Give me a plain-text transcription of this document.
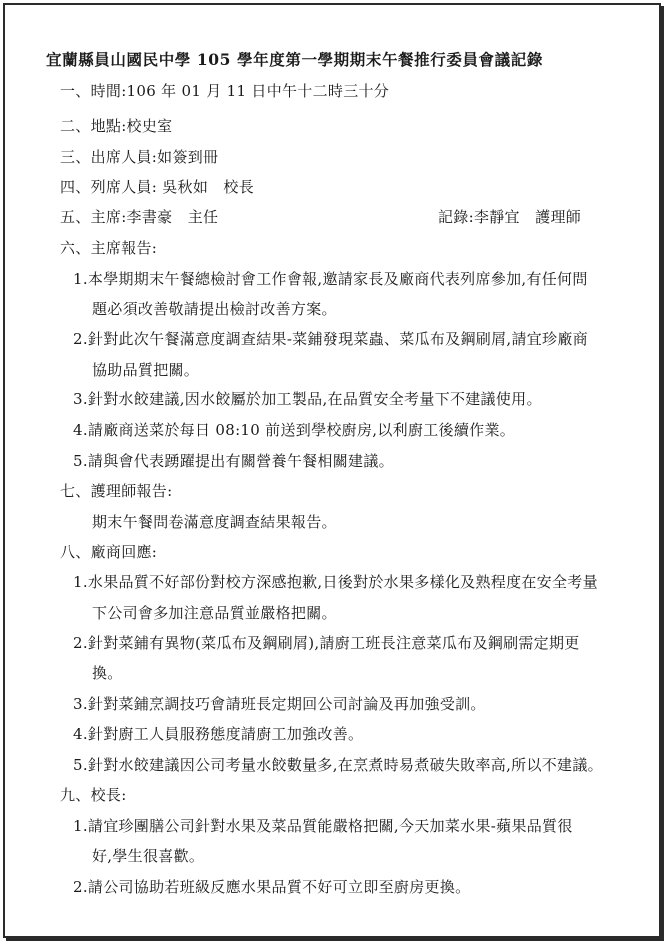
宜蘭縣員山國民中學 105 學年度第一學期期末午餐推行委員會議記錄
一、時間:106 年 01 月 11 日中午十二時三十分
二、地點:校史室
三、出席人員:如簽到冊
四、列席人員: 吳秋如　校長
五、主席:李書豪　主任	記錄:李靜宜　護理師
六、主席報告:
1.本學期期末午餐總檢討會工作會報,邀請家長及廠商代表列席參加,有任何問
題必須改善敬請提出檢討改善方案。
2.針對此次午餐滿意度調查結果-菜鋪發現菜蟲、菜瓜布及鋼刷屑,請宜珍廠商
協助品質把關。
3.針對水餃建議,因水餃屬於加工製品,在品質安全考量下不建議使用。
4.請廠商送菜於每日 08:10 前送到學校廚房,以利廚工後續作業。
5.請與會代表踴躍提出有關營養午餐相關建議。
七、護理師報告:
期末午餐問卷滿意度調查結果報告。
八、廠商回應:
1.水果品質不好部份對校方深感抱歉,日後對於水果多樣化及熟程度在安全考量
下公司會多加注意品質並嚴格把關。
2.針對菜鋪有異物(菜瓜布及鋼刷屑),請廚工班長注意菜瓜布及鋼刷需定期更
換。
3.針對菜鋪烹調技巧會請班長定期回公司討論及再加強受訓。
4.針對廚工人員服務態度請廚工加強改善。
5.針對水餃建議因公司考量水餃數量多,在烹煮時易煮破失敗率高,所以不建議。
九、校長:
1.請宜珍團膳公司針對水果及菜品質能嚴格把關,今天加菜水果-蘋果品質很
好,學生很喜歡。
2.請公司協助若班級反應水果品質不好可立即至廚房更換。
